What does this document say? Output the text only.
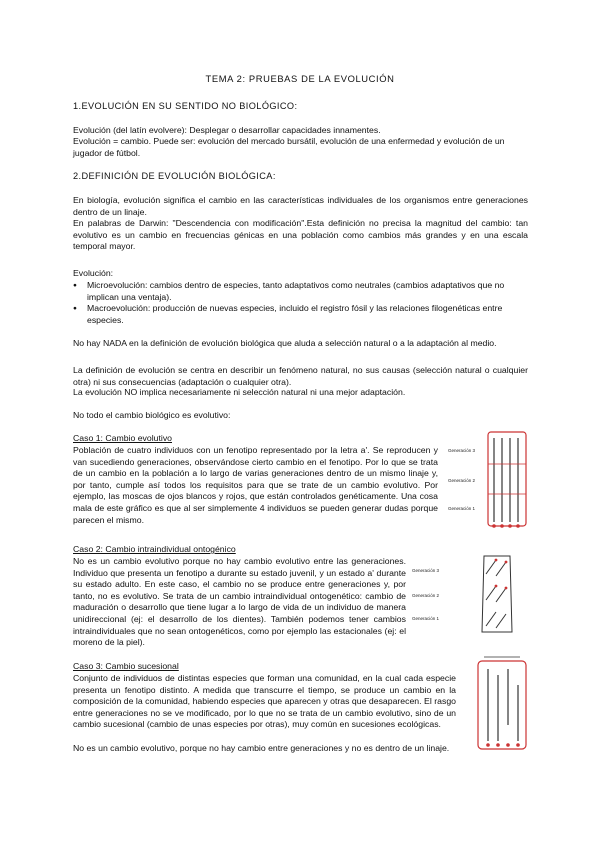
TEMA 2: PRUEBAS DE LA EVOLUCIÓN
1.EVOLUCIÓN EN SU SENTIDO NO BIOLÓGICO:

Evolución (del latín evolvere): Desplegar o desarrollar capacidades innamentes.

Evolución = cambio. Puede ser: evolución del mercado bursátil, evolución de una enfermedad y evolución de un jugador de fútbol.

2.DEFINICIÓN DE EVOLUCIÓN BIOLÓGICA:

En biología, evolución significa el cambio en las características individuales de los organismos entre generaciones dentro de un linaje.

En palabras de Darwin: "Descendencia con modificación".Esta definición no precisa la magnitud del cambio: tan evolutivo es un cambio en frecuencias génicas en una población como cambios más grandes y en una escala temporal mayor.

Evolución:

● Microevolución: cambios dentro de especies, tanto adaptativos como neutrales (cambios adaptativos que no implican una ventaja).
● Macroevolución: producción de nuevas especies, incluido el registro fósil y las relaciones filogenéticas entre especies.

No hay NADA en la definición de evolución biológica que aluda a selección natural o a la adaptación al medio.

La definición de evolución se centra en describir un fenómeno natural, no sus causas (selección natural o cualquier otra) ni sus consecuencias (adaptación o cualquier otra).

La evolución NO implica necesariamente ni selección natural ni una mejor adaptación.

No todo el cambio biológico es evolutivo:

Caso 1: Cambio evolutivo

Población de cuatro individuos con un fenotipo representado por la letra a'. Se reproducen y van sucediendo generaciones, observándose cierto cambio en el fenotipo. Por lo que se trata de un cambio en la población a lo largo de varias generaciones dentro de un mismo linaje y, por tanto, cumple así todos los requisitos para que se trate de un cambio evolutivo. Por ejemplo, las moscas de ojos blancos y rojos, que están controlados genéticamente. Una cosa mala de este gráfico es que al ser simplemente 4 individuos se pueden generar dudas porque parecen el mismo.

Generación 3
Generación 2
Generación 1
Caso 2: Cambio intraindividual ontogénico

No es un cambio evolutivo porque no hay cambio evolutivo entre las generaciones. Individuo que presenta un fenotipo a durante su estado juvenil, y un estado a' durante su estado adulto. En este caso, el cambio no se produce entre generaciones y, por tanto, no es evolutivo. Se trata de un cambio intraindividual ontogenético: cambio de maduración o desarrollo que tiene lugar a lo largo de vida de un individuo de manera unidireccional (ej: el desarrollo de los dientes). También podemos tener cambios intraindividuales que no sean ontogenéticos, como por ejemplo las estacionales (ej: el moreno de la piel).

Generación 3
Generación 2
Generación 1
Caso 3: Cambio sucesional

Conjunto de individuos de distintas especies que forman una comunidad, en la cual cada especie presenta un fenotipo distinto. A medida que transcurre el tiempo, se produce un cambio en la composición de la comunidad, habiendo especies que aparecen y otras que desaparecen. El rasgo entre generaciones no se ve modificado, por lo que no se trata de un cambio evolutivo, sino de un cambio sucesional (cambio de unas especies por otras), muy común en sucesiones ecológicas.

No es un cambio evolutivo, porque no hay cambio entre generaciones y no es dentro de un linaje.
